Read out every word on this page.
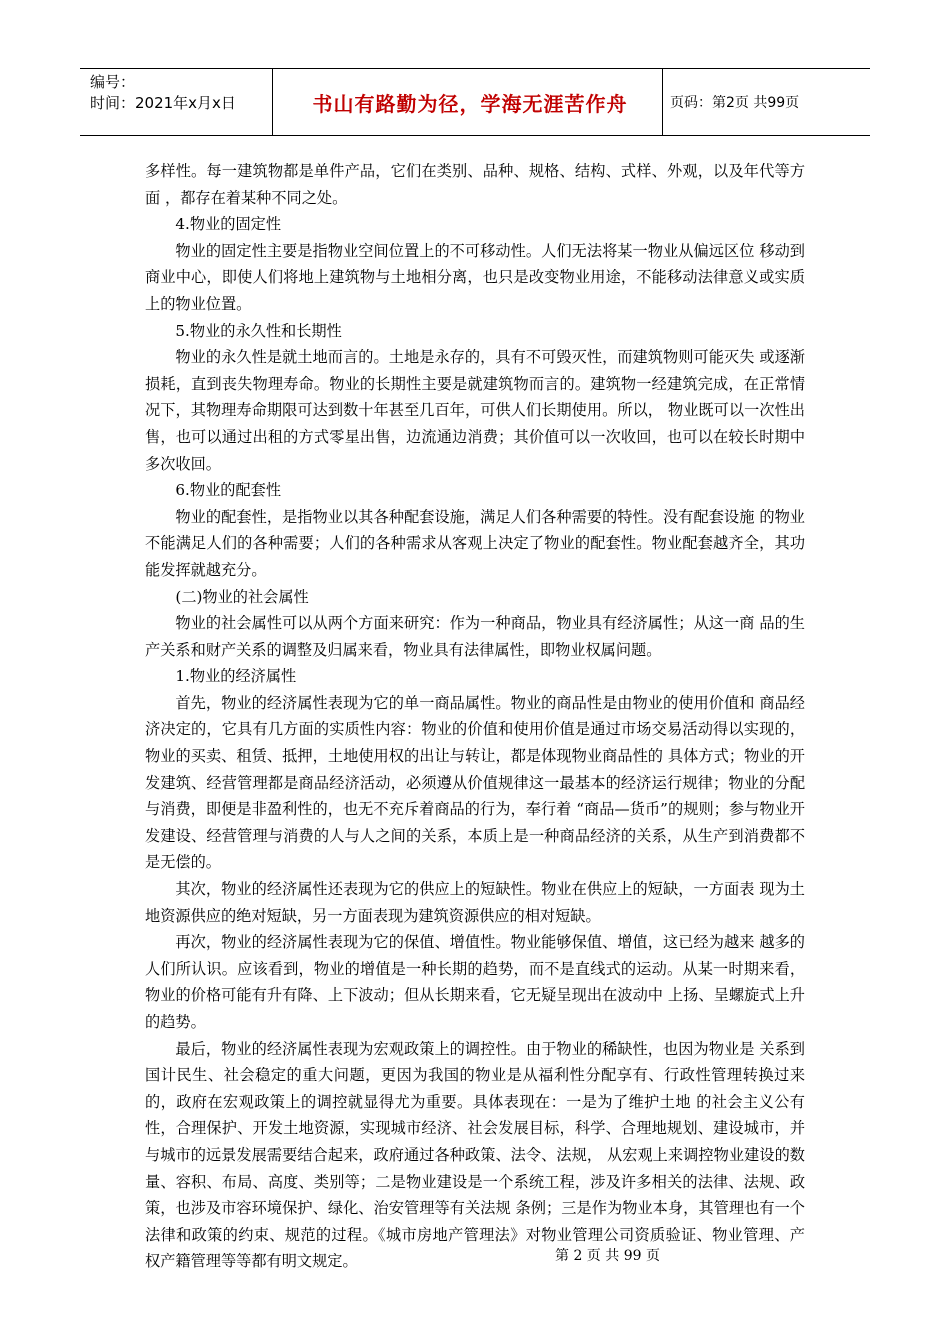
编号：
时间：2021年x月x日	书山有路勤为径，学海无涯苦作舟	页码：第2页 共99页

多样性。每一建筑物都是单件产品，它们在类别、品种、规格、结构、式样、外观，以及年代等方面 ，都存在着某种不同之处。

4.物业的固定性

物业的固定性主要是指物业空间位置上的不可移动性。人们无法将某一物业从偏远区位 移动到商业中心，即使人们将地上建筑物与土地相分离，也只是改变物业用途，不能移动法律意义或实质上的物业位置。

5.物业的永久性和长期性

物业的永久性是就土地而言的。土地是永存的，具有不可毁灭性，而建筑物则可能灭失 或逐渐损耗，直到丧失物理寿命。物业的长期性主要是就建筑物而言的。建筑物一经建筑完成，在正常情况下，其物理寿命期限可达到数十年甚至几百年，可供人们长期使用。所以， 物业既可以一次性出售，也可以通过出租的方式零星出售，边流通边消费；其价值可以一次收回，也可以在较长时期中多次收回。

6.物业的配套性

物业的配套性，是指物业以其各种配套设施，满足人们各种需要的特性。没有配套设施 的物业不能满足人们的各种需要；人们的各种需求从客观上决定了物业的配套性。物业配套越齐全，其功能发挥就越充分。

(二)物业的社会属性

物业的社会属性可以从两个方面来研究：作为一种商品，物业具有经济属性；从这一商 品的生产关系和财产关系的调整及归属来看，物业具有法律属性，即物业权属问题。

1.物业的经济属性

首先，物业的经济属性表现为它的单一商品属性。物业的商品性是由物业的使用价值和 商品经济决定的，它具有几方面的实质性内容：物业的价值和使用价值是通过市场交易活动得以实现的，物业的买卖、租赁、抵押，土地使用权的出让与转让，都是体现物业商品性的 具体方式；物业的开发建筑、经营管理都是商品经济活动，必须遵从价值规律这一最基本的经济运行规律；物业的分配与消费，即便是非盈利性的，也无不充斥着商品的行为，奉行着 “商品—货币”的规则；参与物业开发建设、经营管理与消费的人与人之间的关系，本质上是一种商品经济的关系，从生产到消费都不是无偿的。

其次，物业的经济属性还表现为它的供应上的短缺性。物业在供应上的短缺，一方面表 现为土地资源供应的绝对短缺，另一方面表现为建筑资源供应的相对短缺。

再次，物业的经济属性表现为它的保值、增值性。物业能够保值、增值，这已经为越来 越多的人们所认识。应该看到，物业的增值是一种长期的趋势，而不是直线式的运动。从某一时期来看，物业的价格可能有升有降、上下波动；但从长期来看，它无疑呈现出在波动中 上扬、呈螺旋式上升的趋势。

最后，物业的经济属性表现为宏观政策上的调控性。由于物业的稀缺性，也因为物业是 关系到国计民生、社会稳定的重大问题，更因为我国的物业是从福利性分配享有、行政性管理转换过来的，政府在宏观政策上的调控就显得尤为重要。具体表现在：一是为了维护土地 的社会主义公有性，合理保护、开发土地资源，实现城市经济、社会发展目标，科学、合理地规划、建设城市，并与城市的远景发展需要结合起来，政府通过各种政策、法令、法规， 从宏观上来调控物业建设的数量、容积、布局、高度、类别等；二是物业建设是一个系统工程，涉及许多相关的法律、法规、政策，也涉及市容环境保护、绿化、治安管理等有关法规 条例；三是作为物业本身，其管理也有一个法律和政策的约束、规范的过程。《城市房地产管理法》对物业管理公司资质验证、物业管理、产权产籍管理等等都有明文规定。	第 2 页 共 99 页
